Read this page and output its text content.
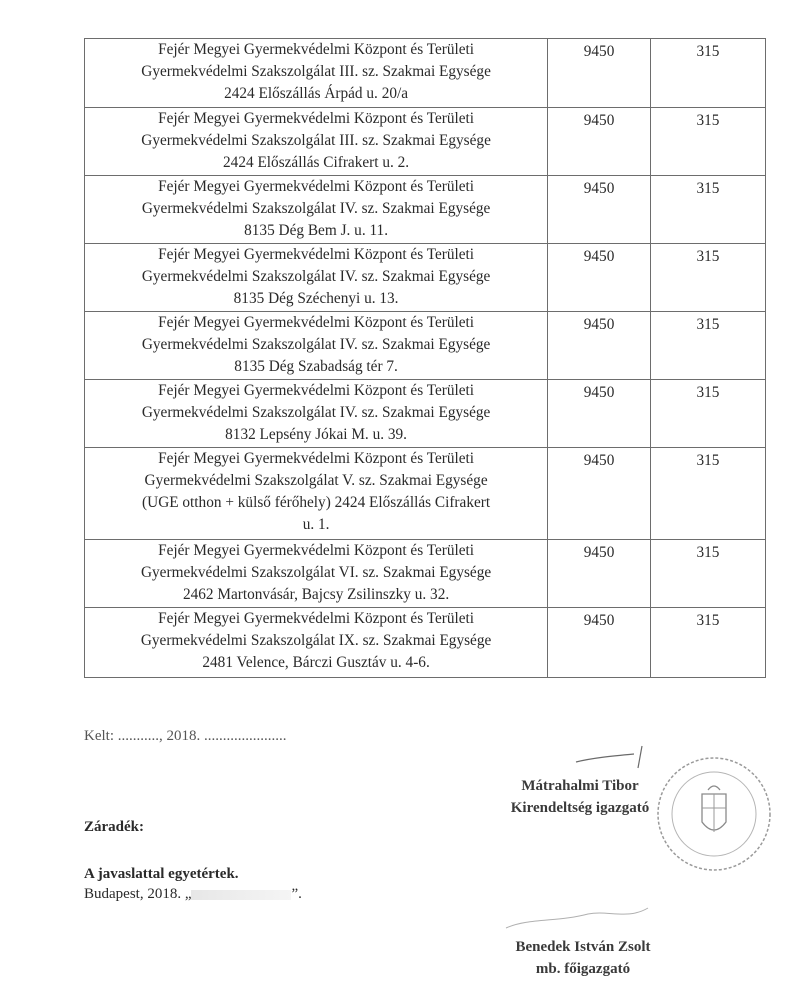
Fejér Megyei Gyermekvédelmi Központ és Területi
Gyermekvédelmi Szakszolgálat III. sz. Szakmai Egysége
2424 Előszállás Árpád u. 20/a	9450	315

Fejér Megyei Gyermekvédelmi Központ és Területi
Gyermekvédelmi Szakszolgálat III. sz. Szakmai Egysége
2424 Előszállás Cifrakert u. 2.	9450	315

Fejér Megyei Gyermekvédelmi Központ és Területi
Gyermekvédelmi Szakszolgálat IV. sz. Szakmai Egysége
8135 Dég Bem J. u. 11.	9450	315

Fejér Megyei Gyermekvédelmi Központ és Területi
Gyermekvédelmi Szakszolgálat IV. sz. Szakmai Egysége
8135 Dég Széchenyi u. 13.	9450	315

Fejér Megyei Gyermekvédelmi Központ és Területi
Gyermekvédelmi Szakszolgálat IV. sz. Szakmai Egysége
8135 Dég Szabadság tér 7.	9450	315

Fejér Megyei Gyermekvédelmi Központ és Területi
Gyermekvédelmi Szakszolgálat IV. sz. Szakmai Egysége
8132 Lepsény Jókai M. u. 39.	9450	315

Fejér Megyei Gyermekvédelmi Központ és Területi
Gyermekvédelmi Szakszolgálat V. sz. Szakmai Egysége
(UGE otthon + külső férőhely) 2424 Előszállás Cifrakert
u. 1.	9450	315

Fejér Megyei Gyermekvédelmi Központ és Területi
Gyermekvédelmi Szakszolgálat VI. sz. Szakmai Egysége
2462 Martonvásár, Bajcsy Zsilinszky u. 32.	9450	315

Fejér Megyei Gyermekvédelmi Központ és Területi
Gyermekvédelmi Szakszolgálat IX. sz. Szakmai Egysége
2481 Velence, Bárczi Gusztáv u. 4-6.	9450	315
Kelt: ..........., 2018. ......................
Mátrahalmi Tibor
Kirendeltség igazgató
Záradék:
A javaslattal egyetértek.
Budapest, 2018. „	”.
Benedek István Zsolt
mb. főigazgató
